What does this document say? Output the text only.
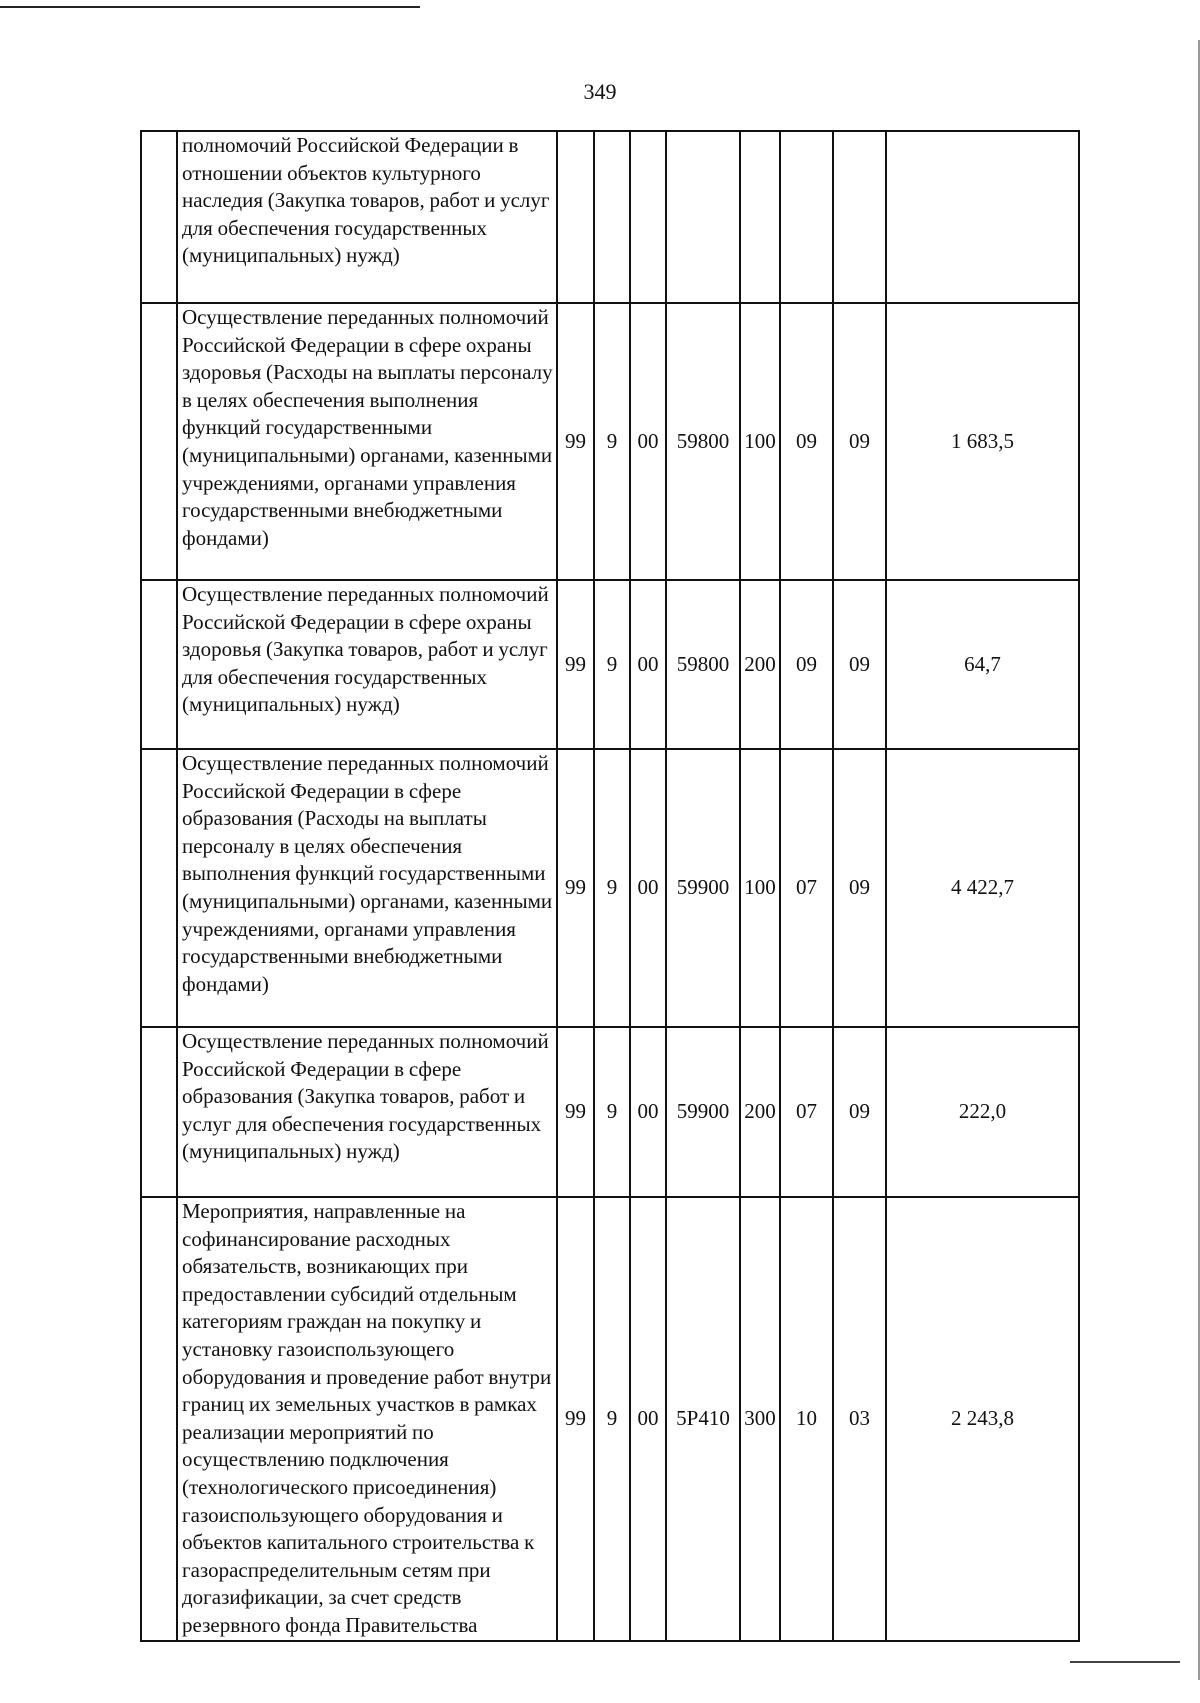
349
	полномочий Российской Федерации в отношении объектов культурного наследия (Закупка товаров, работ и услуг для обеспечения государственных (муниципальных) нужд)								
	Осуществление переданных полномочий Российской Федерации в сфере охраны здоровья (Расходы на выплаты персоналу в целях обеспечения выполнения функций государственными (муниципальными) органами, казенными учреждениями, органами управления государственными внебюджетными фондами)	99	9	00	59800	100	09	09	1 683,5
	Осуществление переданных полномочий Российской Федерации в сфере охраны здоровья (Закупка товаров, работ и услуг для обеспечения государственных (муниципальных) нужд)	99	9	00	59800	200	09	09	64,7
	Осуществление переданных полномочий Российской Федерации в сфере образования (Расходы на выплаты персоналу в целях обеспечения выполнения функций государственными (муниципальными) органами, казенными учреждениями, органами управления государственными внебюджетными фондами)	99	9	00	59900	100	07	09	4 422,7
	Осуществление переданных полномочий Российской Федерации в сфере образования (Закупка товаров, работ и услуг для обеспечения государственных (муниципальных) нужд)	99	9	00	59900	200	07	09	222,0
	Мероприятия, направленные на софинансирование расходных обязательств, возникающих при предоставлении субсидий отдельным категориям граждан на покупку и установку газоиспользующего оборудования и проведение работ внутри границ их земельных участков в рамках реализации мероприятий по осуществлению подключения (технологического присоединения) газоиспользующего оборудования и объектов капитального строительства к газораспределительным сетям при догазификации, за счет средств резервного фонда Правительства	99	9	00	5Р410	300	10	03	2 243,8
